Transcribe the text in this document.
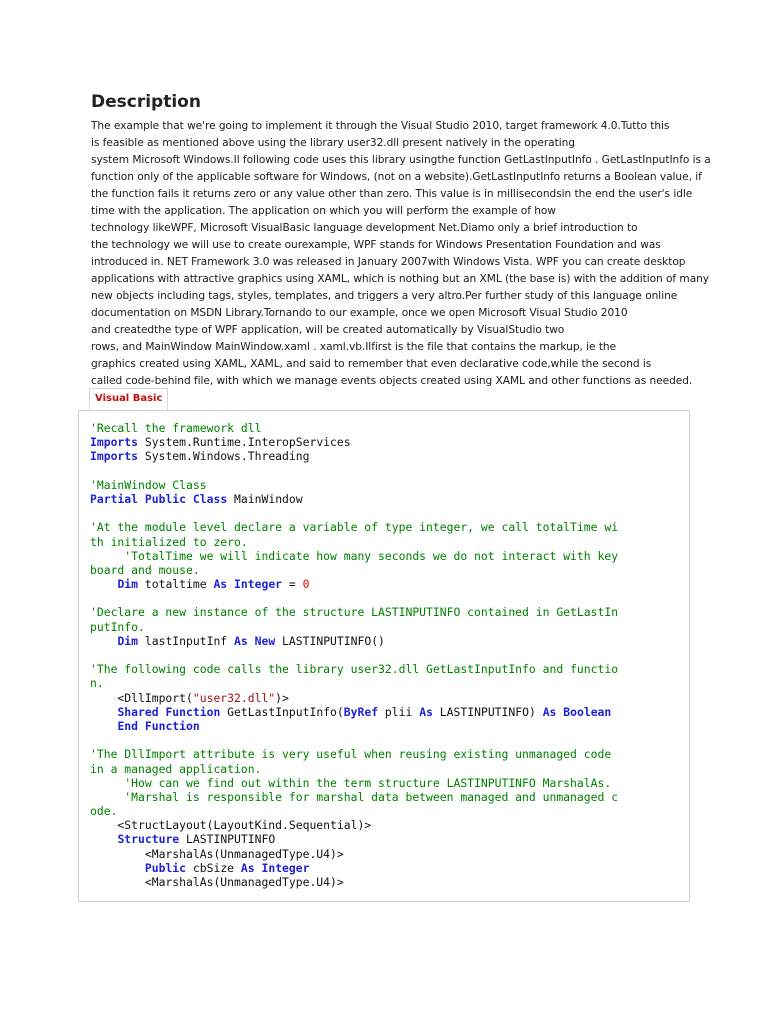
Description
The example that we're going to implement it through the Visual Studio 2010, target framework 4.0.Tutto this
is feasible as mentioned above using the library user32.dll present natively in the operating
system Microsoft Windows.Il following code uses this library usingthe function GetLastInputInfo . GetLastInputInfo is a
function only of the applicable software for Windows, (not on a website).GetLastInputInfo returns a Boolean value, if
the function fails it returns zero or any value other than zero. This value is in millisecondsin the end the user's idle
time with the application. The application on which you will perform the example of how
technology likeWPF, Microsoft VisualBasic language development Net.Diamo only a brief introduction to
the technology we will use to create ourexample, WPF stands for Windows Presentation Foundation and was
introduced in. NET Framework 3.0 was released in January 2007with Windows Vista. WPF you can create desktop
applications with attractive graphics using XAML, which is nothing but an XML (the base is) with the addition of many
new objects including tags, styles, templates, and triggers a very altro.Per further study of this language online
documentation on MSDN Library.Tornando to our example, once we open Microsoft Visual Studio 2010
and createdthe type of WPF application, will be created automatically by VisualStudio two
rows, and MainWindow MainWindow.xaml . xaml.vb.Ilfirst is the file that contains the markup, ie the
graphics created using XAML, XAML, and said to remember that even declarative code,while the second is
called code-behind file, with which we manage events objects created using XAML and other functions as needed.
Visual Basic
'Recall the framework dll
Imports System.Runtime.InteropServices
Imports System.Windows.Threading

'MainWindow Class
Partial Public Class MainWindow

'At the module level declare a variable of type integer, we call totalTime wi
th initialized to zero.
'TotalTime we will indicate how many seconds we do not interact with key
board and mouse.
Dim totaltime As Integer = 0

'Declare a new instance of the structure LASTINPUTINFO contained in GetLastIn
putInfo.
Dim lastInputInf As New LASTINPUTINFO()

'The following code calls the library user32.dll GetLastInputInfo and functio
n.
<DllImport("user32.dll")>
Shared Function GetLastInputInfo(ByRef plii As LASTINPUTINFO) As Boolean
End Function

'The DllImport attribute is very useful when reusing existing unmanaged code
in a managed application.
'How can we find out within the term structure LASTINPUTINFO MarshalAs.
'Marshal is responsible for marshal data between managed and unmanaged c
ode.
<StructLayout(LayoutKind.Sequential)>
Structure LASTINPUTINFO
<MarshalAs(UnmanagedType.U4)>
Public cbSize As Integer
<MarshalAs(UnmanagedType.U4)>
